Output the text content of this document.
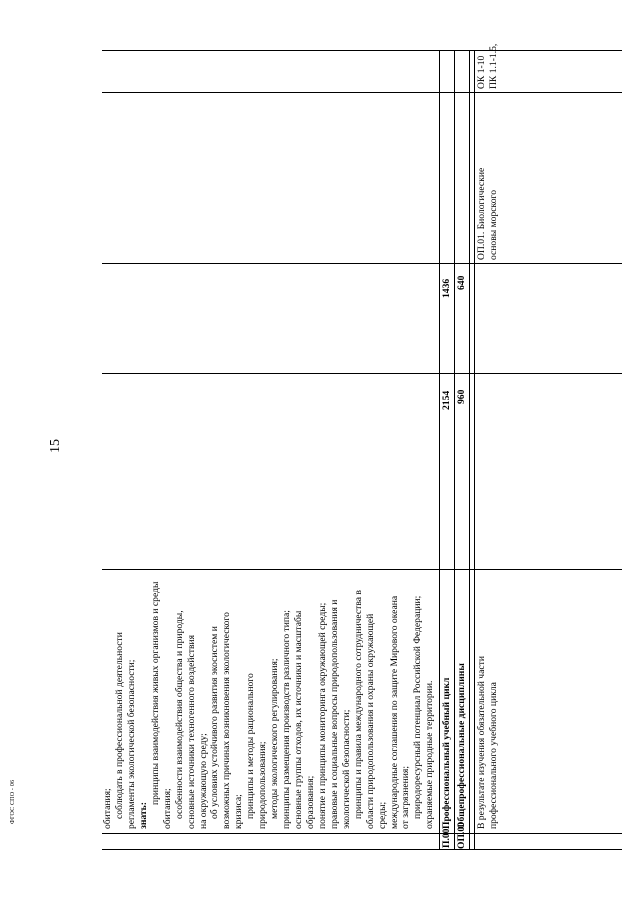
15
обитания; соблюдать в профессиональной деятельности регламенты экологической безопасности; знать:
принципы взаимодействия живых организмов и среды
обитания; особенности взаимодействия общества и природы, основные источники техногенного воздействия на окружающую среду; об условиях устойчивого развития экосистем и возможных причинах возникновения экологического кризиса; принципы и методы рационального природопользования; методы экологического регулирования; принципы размещения производств различного типа; основные группы отходов, их источники и масштабы образования; понятие и принципы мониторинга окружающей среды; правовые и социальные вопросы природопользования и экологической безопасности; принципы и правила международного сотрудничества в области природопользования и охраны окружающей среды; международные соглашения по защите Мирового океана от загрязнения; природоресурсный потенциал Российской Федерации; охраняемые природные территории.
П.00
Профессиональный учебный цикл
2154
1436
ОП.00
Общепрофессиональные дисциплины
960
640
В результате изучения обязательной части профессионального учебного цикла
ОП.01. Биологические основы морского
ОК 1-10 ПК 1.1-1.5,
ФГОС СПО - 06
